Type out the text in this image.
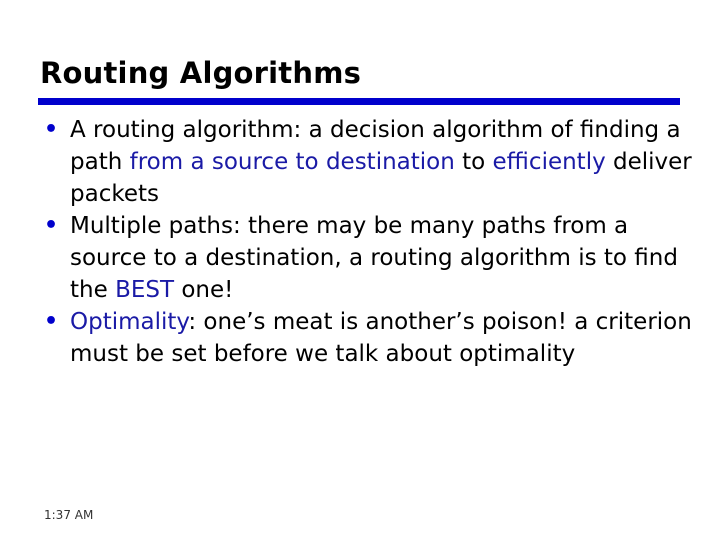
Routing Algorithms
• A routing algorithm: a decision algorithm of finding a path from a source to destination to efficiently deliver packets
• Multiple paths: there may be many paths from a source to a destination, a routing algorithm is to find the BEST one!
• Optimality: one’s meat is another’s poison! a criterion must be set before we talk about optimality
1:37 AM
